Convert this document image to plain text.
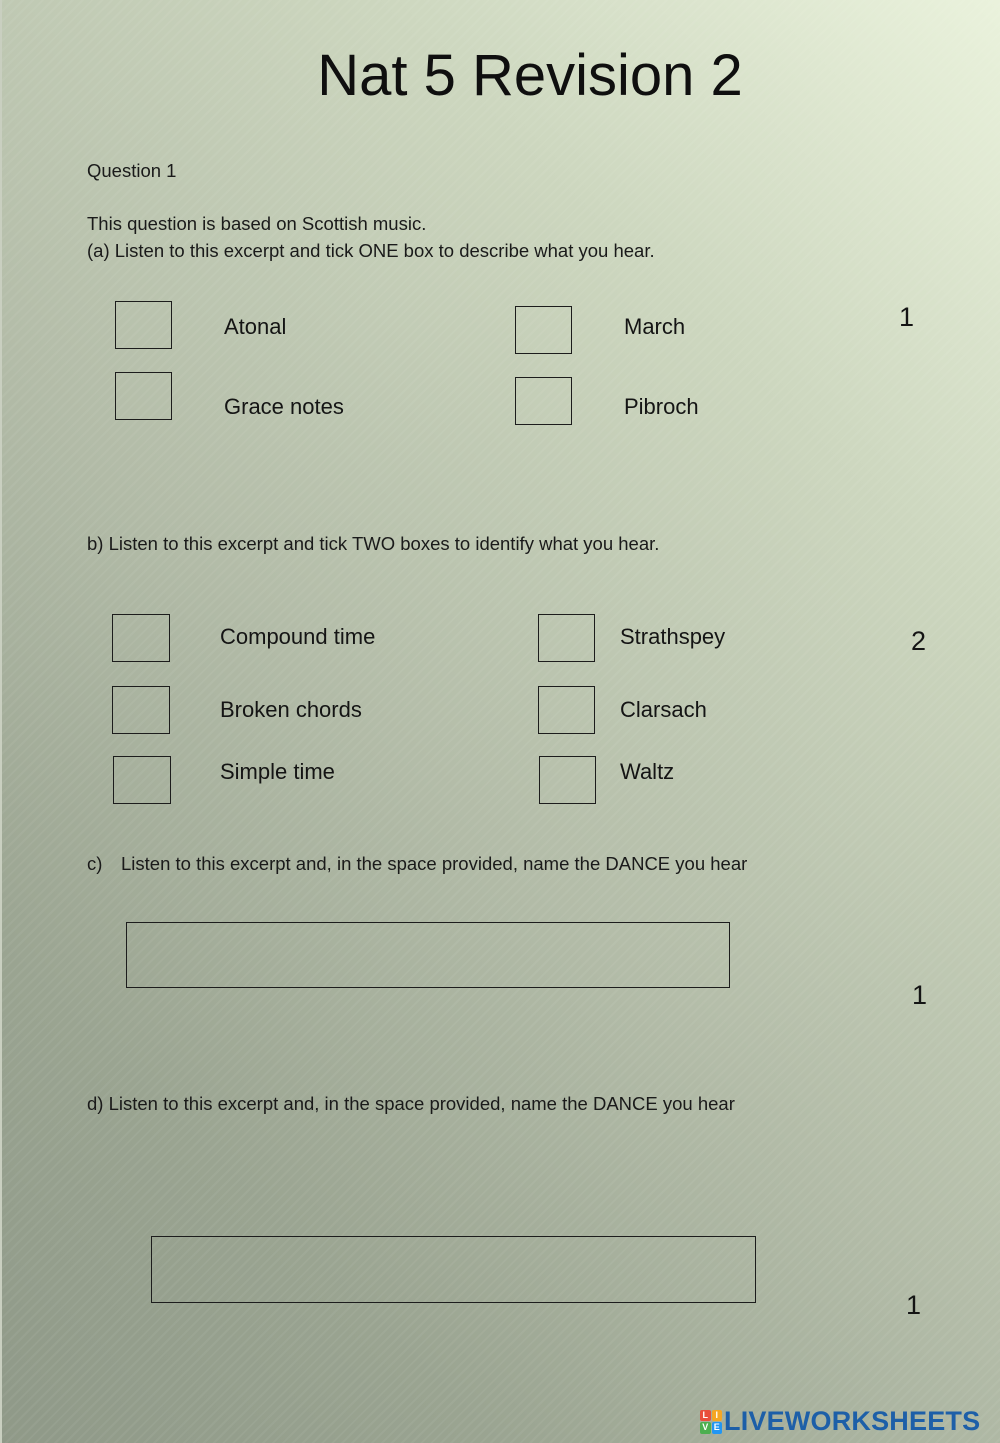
Nat 5 Revision 2
Question 1
This question is based on Scottish music.
(a) Listen to this excerpt and tick ONE box to describe what you hear.
Atonal
Grace notes
March
Pibroch
1
b) Listen to this excerpt and tick TWO boxes to identify what you hear.
Compound time
Broken chords
Simple time
Strathspey
Clarsach
Waltz
2
c) Listen to this excerpt and, in the space provided, name the DANCE you hear
1
d) Listen to this excerpt and, in the space provided, name the DANCE you hear
1
L I
V E LIVEWORKSHEETS
